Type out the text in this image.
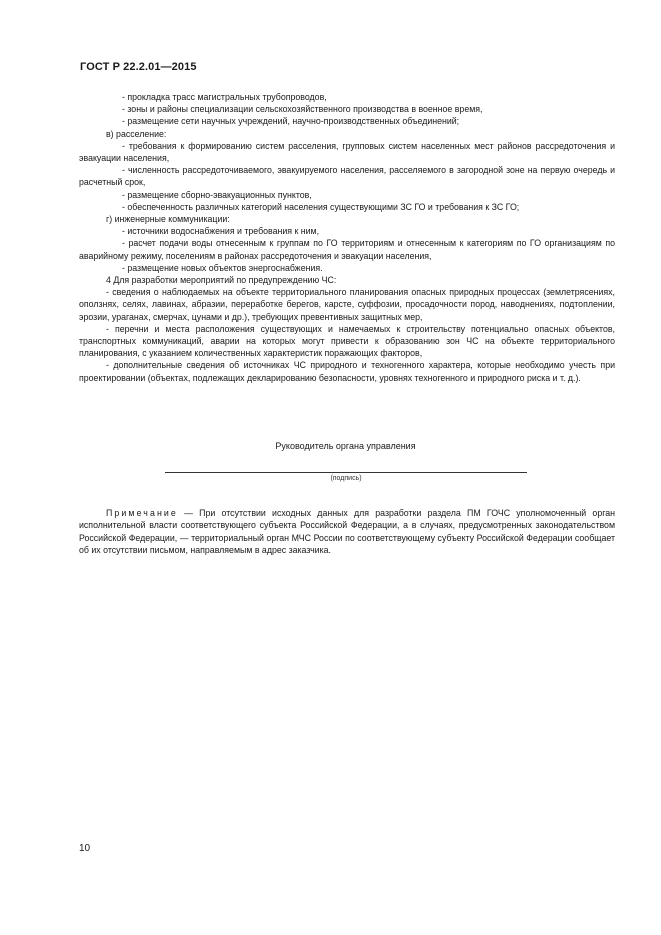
ГОСТ Р 22.2.01—2015

- прокладка трасс магистральных трубопроводов,

- зоны и районы специализации сельскохозяйственного производства в военное время,

- размещение сети научных учреждений, научно-производственных объединений;

в) расселение:

- требования к формированию систем расселения, групповых систем населенных мест районов рассредоточения и эвакуации населения,

- численность рассредоточиваемого, эвакуируемого населения, расселяемого в загородной зоне на первую очередь и расчетный срок,

- размещение сборно-эвакуационных пунктов,

- обеспеченность различных категорий населения существующими ЗС ГО и требования к ЗС ГО;

г) инженерные коммуникации:

- источники водоснабжения и требования к ним,

- расчет подачи воды отнесенным к группам по ГО территориям и отнесенным к категориям по ГО организациям по аварийному режиму, поселениям в районах рассредоточения и эвакуации населения,

- размещение новых объектов энергоснабжения.

4 Для разработки мероприятий по предупреждению ЧС:

- сведения о наблюдаемых на объекте территориального планирования опасных природных процессах (землетрясениях, оползнях, селях, лавинах, абразии, переработке берегов, карсте, суффозии, просадочности пород, наводнениях, подтоплении, эрозии, ураганах, смерчах, цунами и др.), требующих превентивных защитных мер,

- перечни и места расположения существующих и намечаемых к строительству потенциально опасных объектов, транспортных коммуникаций, аварии на которых могут привести к образованию зон ЧС на объекте территориального планирования, с указанием количественных характеристик поражающих факторов,

- дополнительные сведения об источниках ЧС природного и техногенного характера, которые необходимо учесть при проектировании (объектах, подлежащих декларированию безопасности, уровнях техногенного и природного риска и т. д.).

Руководитель органа управления
(подпись)

Примечание — При отсутствии исходных данных для разработки раздела ПМ ГОЧС уполномоченный орган исполнительной власти соответствующего субъекта Российской Федерации, а в случаях, предусмотренных законодательством Российской Федерации, — территориальный орган МЧС России по соответствующему субъекту Российской Федерации сообщает об их отсутствии письмом, направляемым в адрес заказчика.

10
